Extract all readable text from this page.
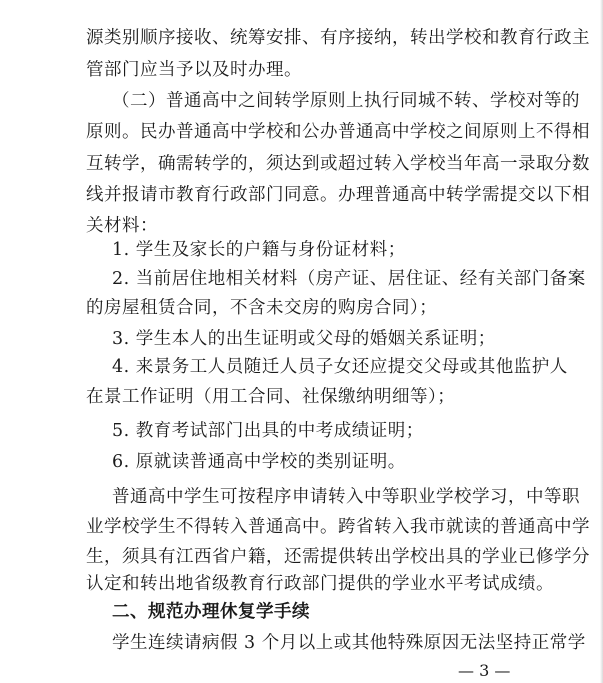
源类别顺序接收、统筹安排、有序接纳，转出学校和教育行政主
管部门应当予以及时办理。
（二）普通高中之间转学原则上执行同城不转、学校对等的
原则。民办普通高中学校和公办普通高中学校之间原则上不得相
互转学，确需转学的，须达到或超过转入学校当年高一录取分数
线并报请市教育行政部门同意。办理普通高中转学需提交以下相
关材料：
1. 学生及家长的户籍与身份证材料；
2. 当前居住地相关材料（房产证、居住证、经有关部门备案
的房屋租赁合同，不含未交房的购房合同）；
3. 学生本人的出生证明或父母的婚姻关系证明；
4. 来景务工人员随迁人员子女还应提交父母或其他监护人
在景工作证明（用工合同、社保缴纳明细等）；
5. 教育考试部门出具的中考成绩证明；
6. 原就读普通高中学校的类别证明。
普通高中学生可按程序申请转入中等职业学校学习，中等职
业学校学生不得转入普通高中。跨省转入我市就读的普通高中学
生，须具有江西省户籍，还需提供转出学校出具的学业已修学分
认定和转出地省级教育行政部门提供的学业水平考试成绩。
二、规范办理休复学手续
学生连续请病假 3 个月以上或其他特殊原因无法坚持正常学
— 3 —
